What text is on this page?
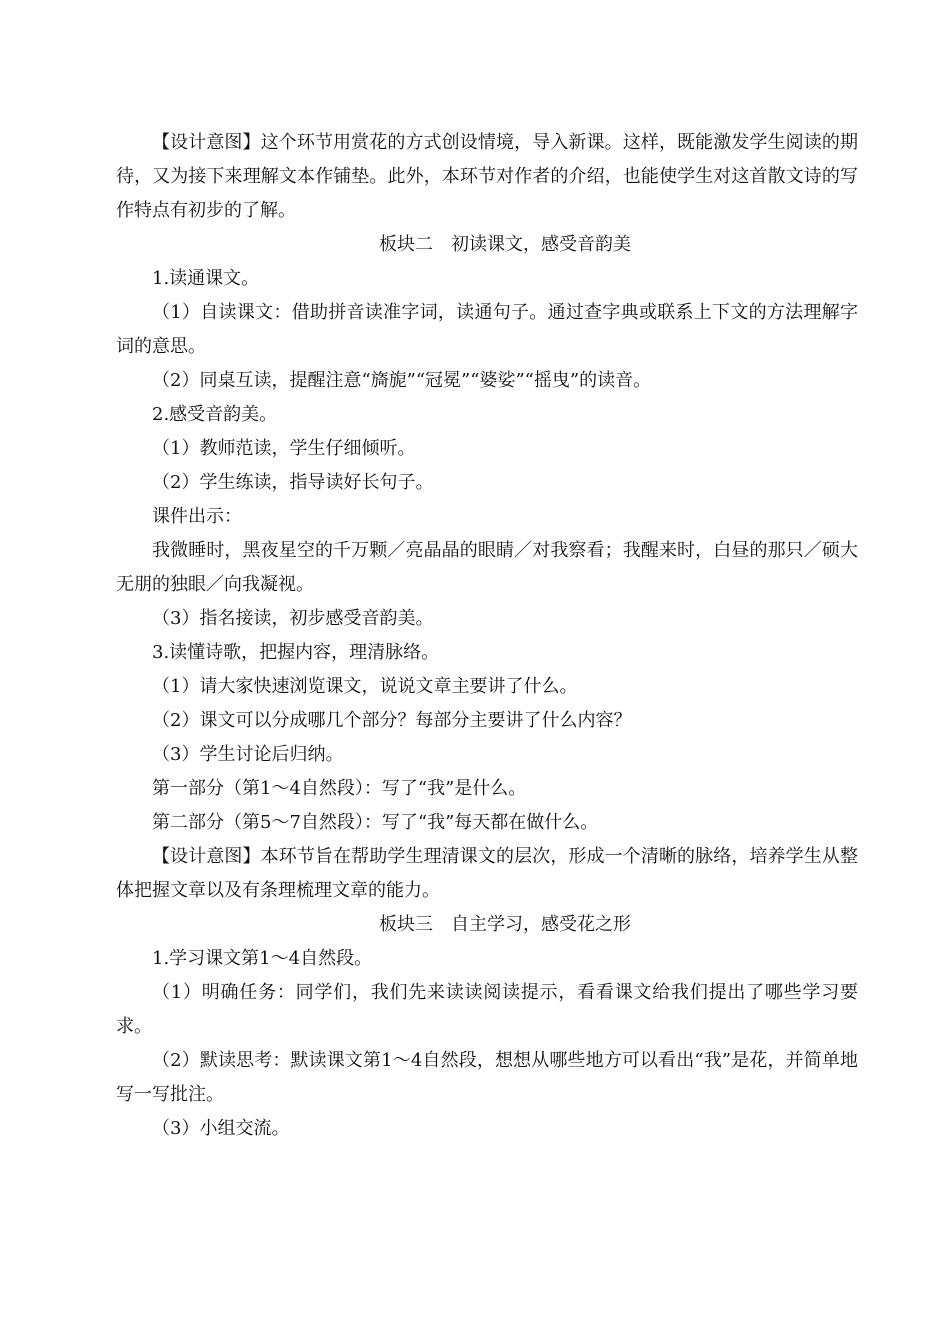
【设计意图】这个环节用赏花的方式创设情境，导入新课。这样，既能激发学生阅读的期待，又为接下来理解文本作铺垫。此外，本环节对作者的介绍，也能使学生对这首散文诗的写作特点有初步的了解。

板块二　初读课文，感受音韵美

1.读通课文。

（1）自读课文：借助拼音读准字词，读通句子。通过查字典或联系上下文的方法理解字词的意思。

（2）同桌互读，提醒注意“旖旎”“冠冕”“婆娑”“摇曳”的读音。

2.感受音韵美。

（1）教师范读，学生仔细倾听。

（2）学生练读，指导读好长句子。

课件出示：

我微睡时，黑夜星空的千万颗／亮晶晶的眼睛／对我察看；我醒来时，白昼的那只／硕大无朋的独眼／向我凝视。

（3）指名接读，初步感受音韵美。

3.读懂诗歌，把握内容，理清脉络。

（1）请大家快速浏览课文，说说文章主要讲了什么。

（2）课文可以分成哪几个部分？每部分主要讲了什么内容？

（3）学生讨论后归纳。

第一部分（第1～4自然段）：写了“我”是什么。

第二部分（第5～7自然段）：写了“我”每天都在做什么。

【设计意图】本环节旨在帮助学生理清课文的层次，形成一个清晰的脉络，培养学生从整体把握文章以及有条理梳理文章的能力。

板块三　自主学习，感受花之形

1.学习课文第1～4自然段。

（1）明确任务：同学们，我们先来读读阅读提示，看看课文给我们提出了哪些学习要求。

（2）默读思考：默读课文第1～4自然段，想想从哪些地方可以看出“我”是花，并简单地写一写批注。

（3）小组交流。
